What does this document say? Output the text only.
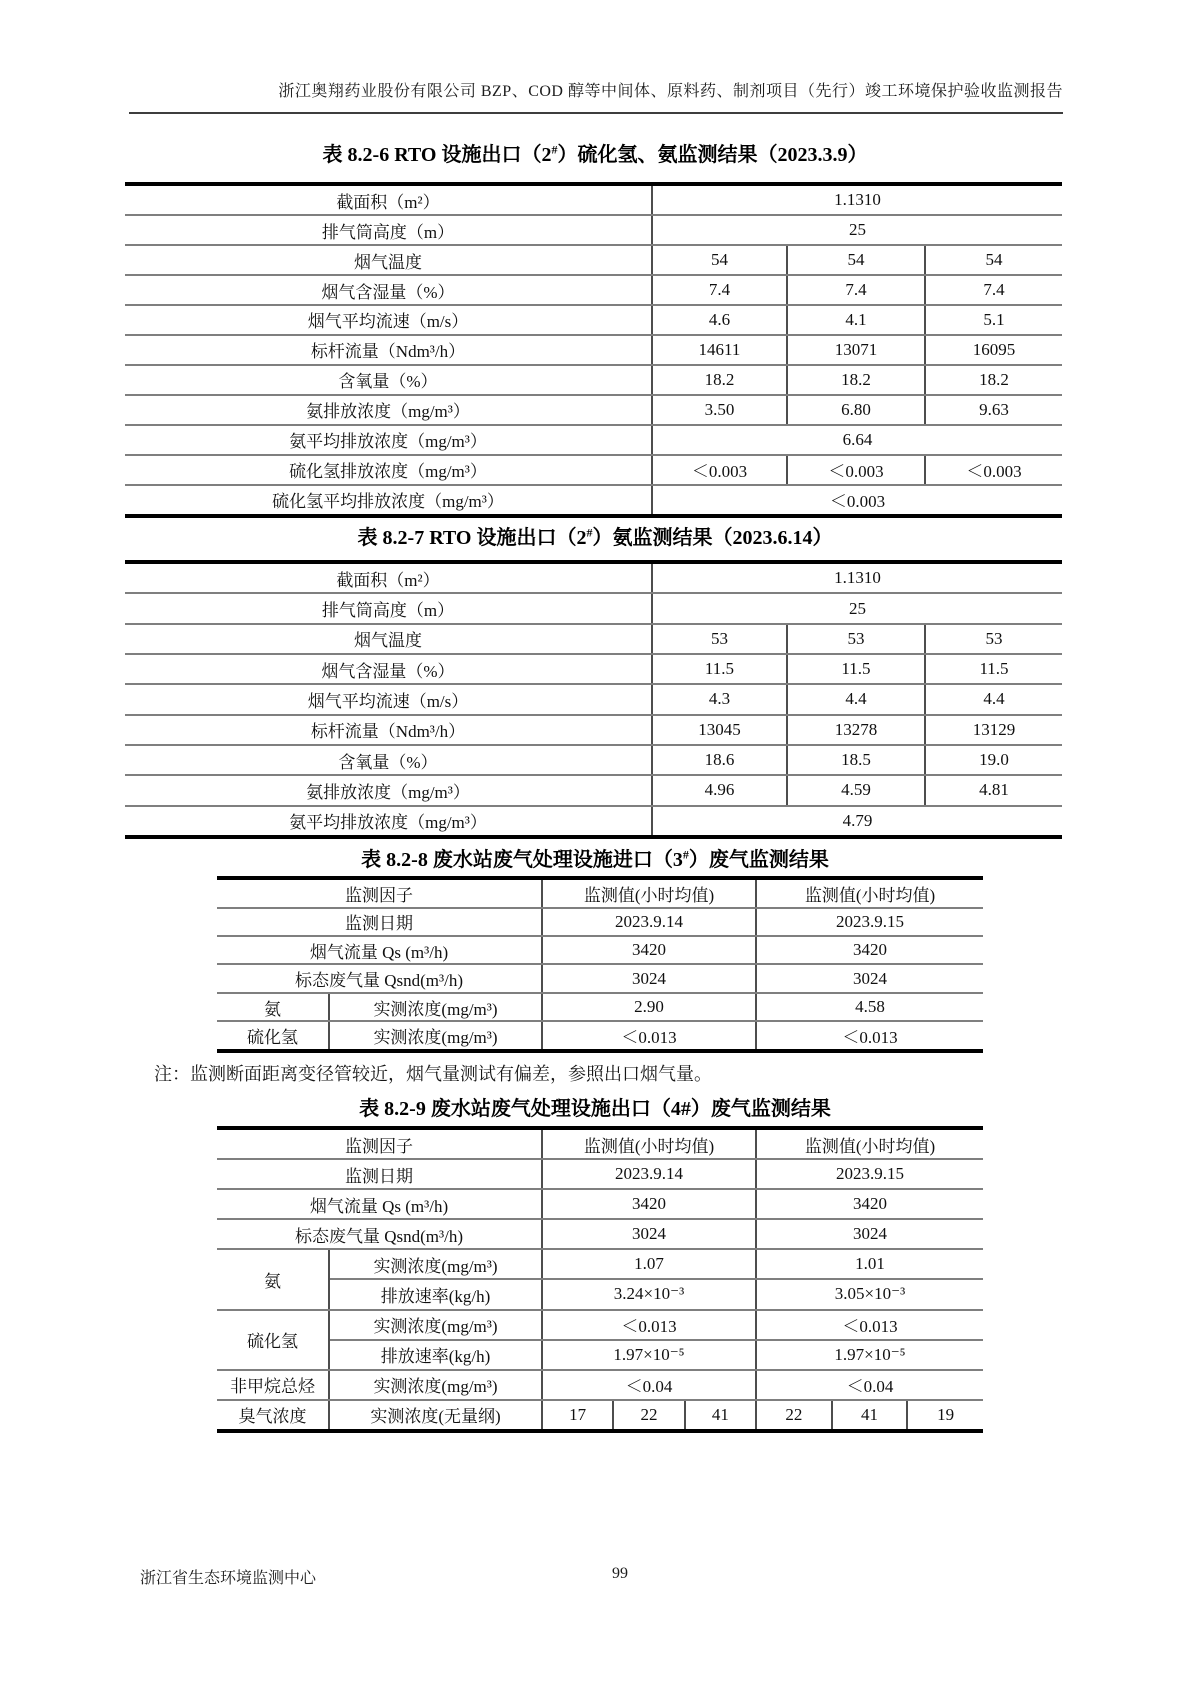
浙江奥翔药业股份有限公司 BZP、COD 醇等中间体、原料药、制剂项目（先行）竣工环境保护验收监测报告
表 8.2-6 RTO 设施出口（2#）硫化氢、氨监测结果（2023.3.9）
截面积（m²）	1.1310		
排气筒高度（m）	25		
烟气温度	54	54	54
烟气含湿量（%）	7.4	7.4	7.4
烟气平均流速（m/s）	4.6	4.1	5.1
标杆流量（Ndm³/h）	14611	13071	16095
含氧量（%）	18.2	18.2	18.2
氨排放浓度（mg/m³）	3.50	6.80	9.63
氨平均排放浓度（mg/m³）	6.64		
硫化氢排放浓度（mg/m³）	＜0.003	＜0.003	＜0.003
硫化氢平均排放浓度（mg/m³）	＜0.003		
表 8.2-7 RTO 设施出口（2#）氨监测结果（2023.6.14）
截面积（m²）	1.1310		
排气筒高度（m）	25		
烟气温度	53	53	53
烟气含湿量（%）	11.5	11.5	11.5
烟气平均流速（m/s）	4.3	4.4	4.4
标杆流量（Ndm³/h）	13045	13278	13129
含氧量（%）	18.6	18.5	19.0
氨排放浓度（mg/m³）	4.96	4.59	4.81
氨平均排放浓度（mg/m³）	4.79		
表 8.2-8 废水站废气处理设施进口（3#）废气监测结果
监测因子		监测值(小时均值)	监测值(小时均值)
监测日期		2023.9.14	2023.9.15
烟气流量 Qs (m³/h)		3420	3420
标态废气量 Qsnd(m³/h)		3024	3024
氨	实测浓度(mg/m³)	2.90	4.58
硫化氢	实测浓度(mg/m³)	＜0.013	＜0.013
注：监测断面距离变径管较近，烟气量测试有偏差，参照出口烟气量。
表 8.2-9 废水站废气处理设施出口（4#）废气监测结果
监测因子		监测值(小时均值)			监测值(小时均值)		
监测日期		2023.9.14			2023.9.15		
烟气流量 Qs (m³/h)		3420			3420		
标态废气量 Qsnd(m³/h)		3024			3024		
氨	实测浓度(mg/m³)	1.07			1.01		
	排放速率(kg/h)	3.24×10⁻³			3.05×10⁻³		
硫化氢	实测浓度(mg/m³)	＜0.013			＜0.013		
	排放速率(kg/h)	1.97×10⁻⁵			1.97×10⁻⁵		
非甲烷总烃	实测浓度(mg/m³)	＜0.04			＜0.04		
臭气浓度	实测浓度(无量纲)	17	22	41	22	41	19
浙江省生态环境监测中心	99
